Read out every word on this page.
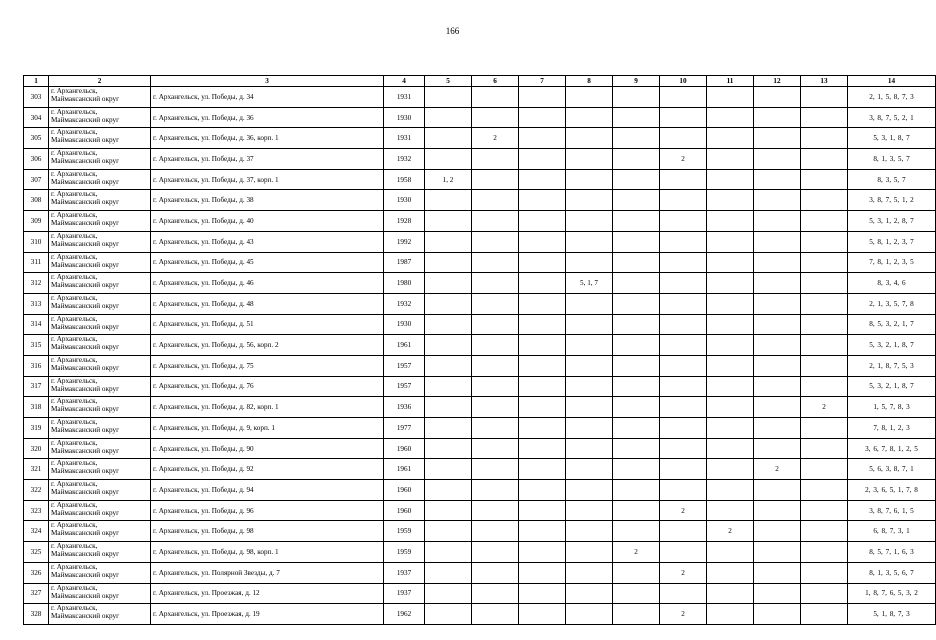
166
1	2	3	4	5	6	7	8	9	10	11	12	13	14
303	г. Архангельск,
Маймаксанский округ	г. Архангельск, ул. Победы, д. 34	1931										2, 1, 5, 8, 7, 3
304	г. Архангельск,
Маймаксанский округ	г. Архангельск, ул. Победы, д. 36	1930										3, 8, 7, 5, 2, 1
305	г. Архангельск,
Маймаксанский округ	г. Архангельск, ул. Победы, д. 36, корп. 1	1931		2								5, 3, 1, 8, 7
306	г. Архангельск,
Маймаксанский округ	г. Архангельск, ул. Победы, д. 37	1932						2				8, 1, 3, 5, 7
307	г. Архангельск,
Маймаксанский округ	г. Архангельск, ул. Победы, д. 37, корп. 1	1958	1, 2									8, 3, 5, 7
308	г. Архангельск,
Маймаксанский округ	г. Архангельск, ул. Победы, д. 38	1930										3, 8, 7, 5, 1, 2
309	г. Архангельск,
Маймаксанский округ	г. Архангельск, ул. Победы, д. 40	1928										5, 3, 1, 2, 8, 7
310	г. Архангельск,
Маймаксанский округ	г. Архангельск, ул. Победы, д. 43	1992										5, 8, 1, 2, 3, 7
311	г. Архангельск,
Маймаксанский округ	г. Архангельск, ул. Победы, д. 45	1987										7, 8, 1, 2, 3, 5
312	г. Архангельск,
Маймаксанский округ	г. Архангельск, ул. Победы, д. 46	1980				5, 1, 7						8, 3, 4, 6
313	г. Архангельск,
Маймаксанский округ	г. Архангельск, ул. Победы, д. 48	1932										2, 1, 3, 5, 7, 8
314	г. Архангельск,
Маймаксанский округ	г. Архангельск, ул. Победы, д. 51	1930										8, 5, 3, 2, 1, 7
315	г. Архангельск,
Маймаксанский округ	г. Архангельск, ул. Победы, д. 56, корп. 2	1961										5, 3, 2, 1, 8, 7
316	г. Архангельск,
Маймаксанский округ	г. Архангельск, ул. Победы, д. 75	1957										2, 1, 8, 7, 5, 3
317	г. Архангельск,
Маймаксанский округ	г. Архангельск, ул. Победы, д. 76	1957										5, 3, 2, 1, 8, 7
318	г. Архангельск,
Маймаксанский округ	г. Архангельск, ул. Победы, д. 82, корп. 1	1936									2	1, 5, 7, 8, 3
319	г. Архангельск,
Маймаксанский округ	г. Архангельск, ул. Победы, д. 9, корп. 1	1977										7, 8, 1, 2, 3
320	г. Архангельск,
Маймаксанский округ	г. Архангельск, ул. Победы, д. 90	1960										3, 6, 7, 8, 1, 2, 5
321	г. Архангельск,
Маймаксанский округ	г. Архангельск, ул. Победы, д. 92	1961								2		5, 6, 3, 8, 7, 1
322	г. Архангельск,
Маймаксанский округ	г. Архангельск, ул. Победы, д. 94	1960										2, 3, 6, 5, 1, 7, 8
323	г. Архангельск,
Маймаксанский округ	г. Архангельск, ул. Победы, д. 96	1960						2				3, 8, 7, 6, 1, 5
324	г. Архангельск,
Маймаксанский округ	г. Архангельск, ул. Победы, д. 98	1959							2			6, 8, 7, 3, 1
325	г. Архангельск,
Маймаксанский округ	г. Архангельск, ул. Победы, д. 98, корп. 1	1959					2					8, 5, 7, 1, 6, 3
326	г. Архангельск,
Маймаксанский округ	г. Архангельск, ул. Полярной Звезды, д. 7	1937						2				8, 1, 3, 5, 6, 7
327	г. Архангельск,
Маймаксанский округ	г. Архангельск, ул. Проезжая, д. 12	1937										1, 8, 7, 6, 5, 3, 2
328	г. Архангельск,
Маймаксанский округ	г. Архангельск, ул. Проезжая, д. 19	1962						2				5, 1, 8, 7, 3
